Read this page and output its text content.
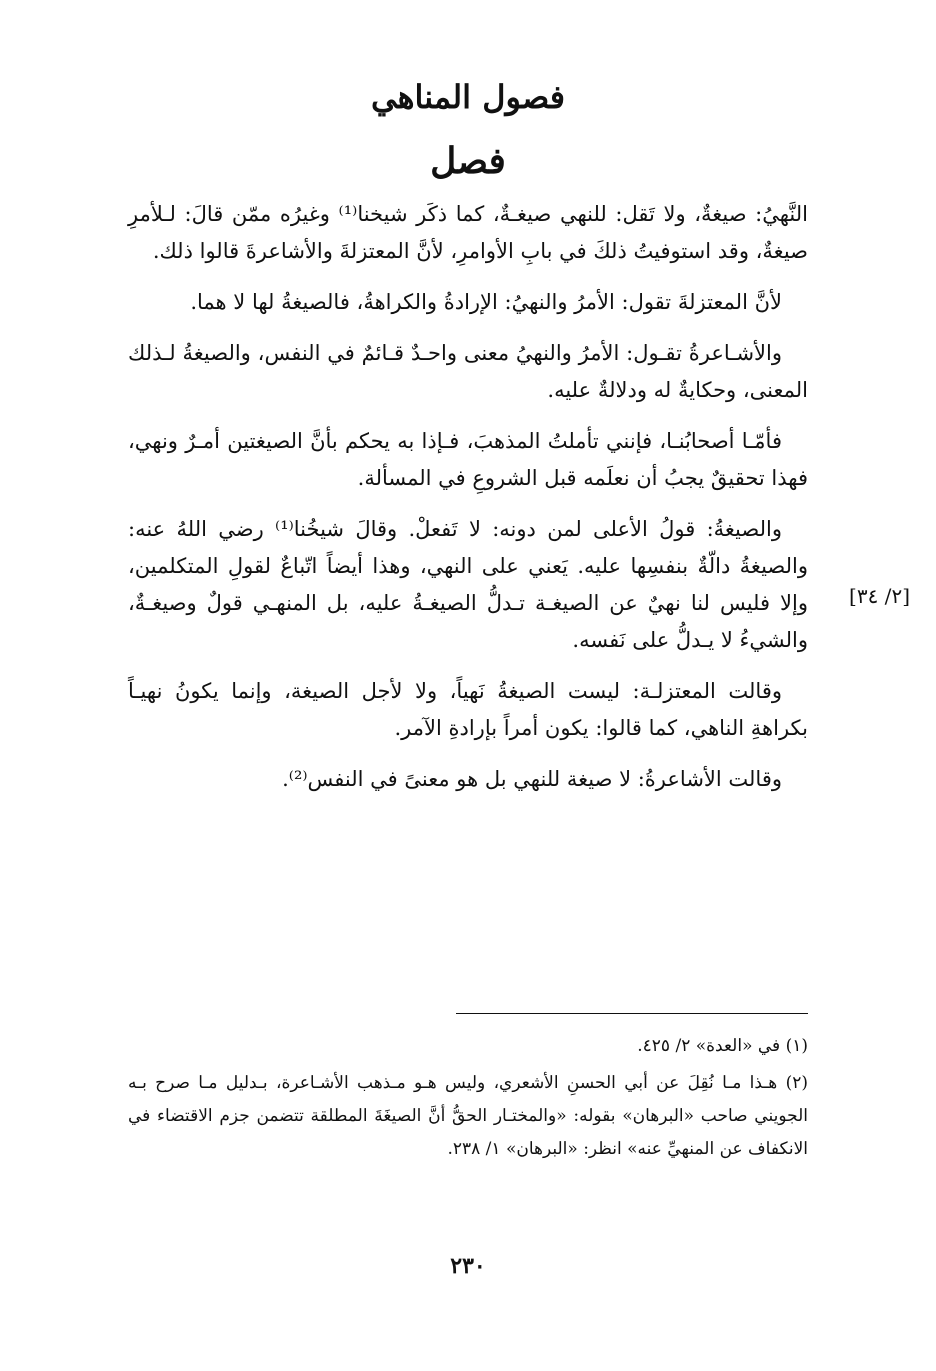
فصول المناهي
فصل

النَّهيُ: صيغةٌ، ولا تَقل: للنهي صيغـةٌ، كما ذكَر شيخنا⁽¹⁾ وغيرُه ممّن قالَ: لـلأمرِ صيغةٌ، وقد استوفيتُ ذلكَ في بابِ الأوامرِ، لأنَّ المعتزلةَ والأشاعرةَ قالوا ذلك.

لأنَّ المعتزلةَ تقول: الأمرُ والنهيُ: الإرادةُ والكراهةُ، فالصيغةُ لها لا هما.

والأشـاعرةُ تقـول: الأمرُ والنهيُ معنى واحـدٌ قـائمٌ في النفس، والصيغةُ لـذلك المعنى، وحكايةٌ له ودلالةٌ عليه.

فأمّـا أصحابُنـا، فإنني تأملتُ المذهبَ، فـإذا به يحكم بأنَّ الصيغتين أمـرٌ ونهي، فهذا تحقيقٌ يجبُ أن نعلَمه قبل الشروعِ في المسألة.

والصيغةُ: قولُ الأعلى لمن دونه: لا تَفعلْ. وقالَ شيخُنا⁽¹⁾ رضي اللهُ عنه: والصيغةُ دالّةٌ بنفسِها عليه. يَعني على النهي، وهذا أيضاً اتّباعٌ لقولِ المتكلمين، وإلا فليس لنا نهيٌ عن الصيغـة تـدلُّ الصيغـةُ عليه، بل المنهـي قولٌ وصيغـةٌ، والشيءُ لا يـدلُّ على نَفسه.

وقالت المعتزلـة: ليست الصيغةُ نَهياً، ولا لأجل الصيغة، وإنما يكونُ نهيـاً بكراهةِ الناهي، كما قالوا: يكون أمراً بإرادةِ الآمر.

وقالت الأشاعرةُ: لا صيغة للنهي بل هو معنىً في النفس⁽²⁾.

[٢/ ٣٤]

(١) في «العدة» ٢/ ٤٢٥.

(٢) هـذا مـا نُقِلَ عن أبي الحسنِ الأشعري، وليس هـو مـذهب الأشـاعرة، بـدليل مـا صرح بـه الجويني صاحب «البرهان» بقوله: «والمختـار الحقُّ أنَّ الصيغَةَ المطلقة تتضمن جزم الاقتضاء في الانكفاف عن المنهيِّ عنه» انظر: «البرهان» ١/ ٢٣٨.

٢٣٠
